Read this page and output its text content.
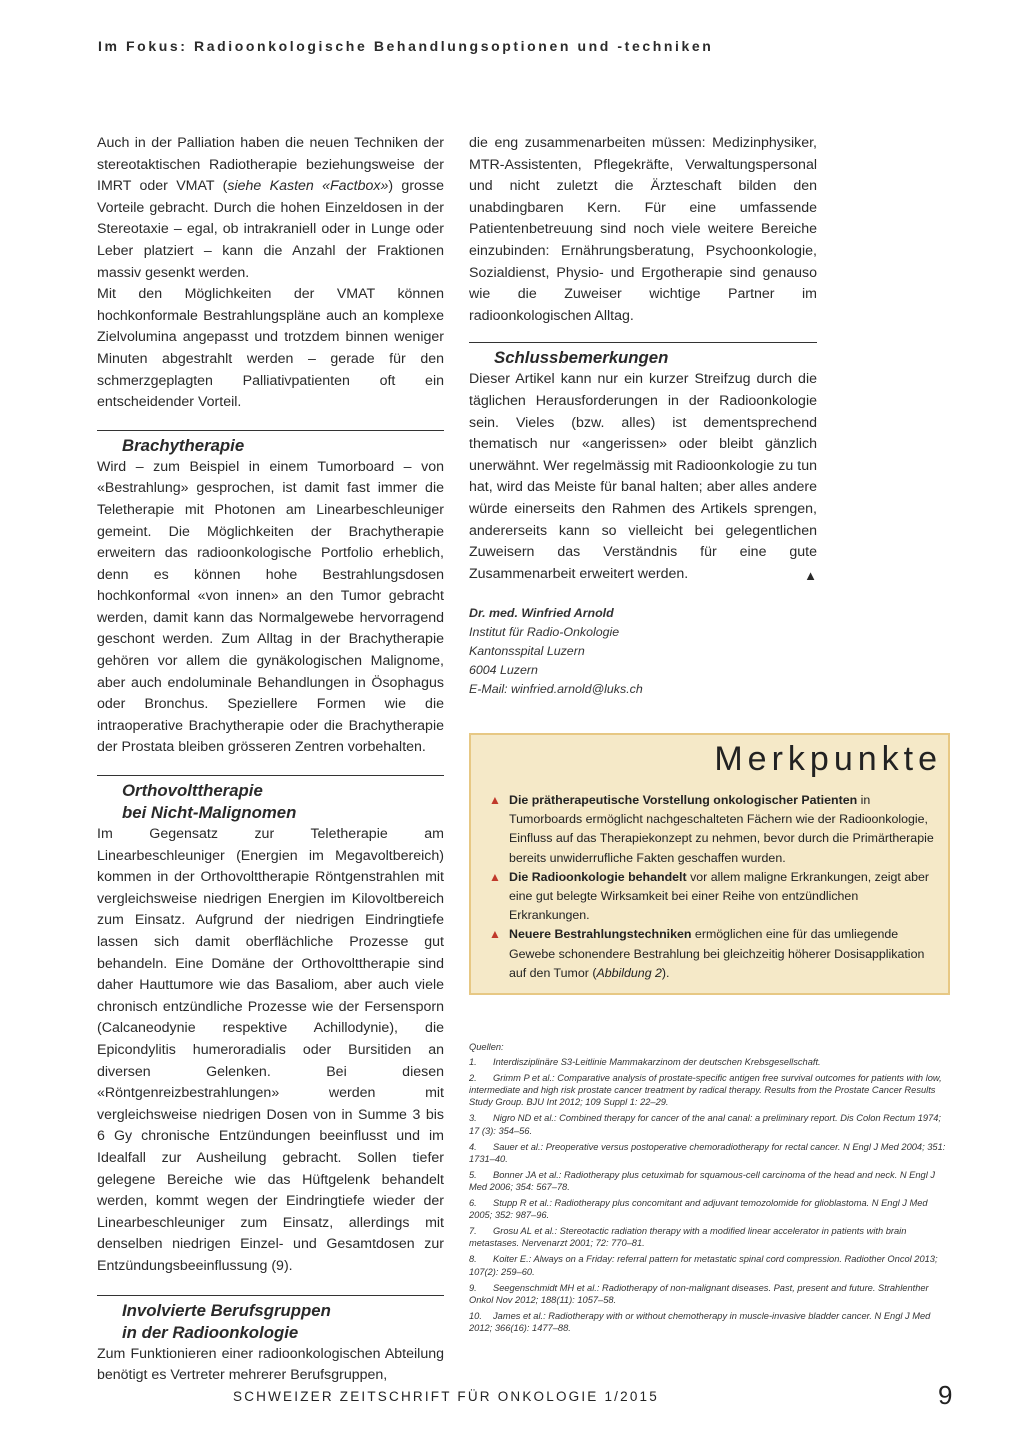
Im Fokus: Radioonkologische Behandlungsoptionen und -techniken

Auch in der Palliation haben die neuen Techniken der stereotaktischen Radiotherapie beziehungsweise der IMRT oder VMAT (siehe Kasten «Factbox») grosse Vorteile gebracht. Durch die hohen Einzeldosen in der Stereotaxie – egal, ob intrakraniell oder in Lunge oder Leber platziert – kann die Anzahl der Fraktionen massiv gesenkt werden.

Mit den Möglichkeiten der VMAT können hochkonformale Bestrahlungspläne auch an komplexe Zielvolumina angepasst und trotzdem binnen weniger Minuten abgestrahlt werden – gerade für den schmerzgeplagten Palliativpatienten oft ein entscheidender Vorteil.

Brachytherapie

Wird – zum Beispiel in einem Tumorboard – von «Bestrahlung» gesprochen, ist damit fast immer die Teletherapie mit Photonen am Linearbeschleuniger gemeint. Die Möglichkeiten der Brachytherapie erweitern das radioonkologische Portfolio erheblich, denn es können hohe Bestrahlungsdosen hochkonformal «von innen» an den Tumor gebracht werden, damit kann das Normalgewebe hervorragend geschont werden. Zum Alltag in der Brachytherapie gehören vor allem die gynäkologischen Malignome, aber auch endoluminale Behandlungen in Ösophagus oder Bronchus. Speziellere Formen wie die intraoperative Brachytherapie oder die Brachytherapie der Prostata bleiben grösseren Zentren vorbehalten.

Orthovolttherapie
bei Nicht-Malignomen

Im Gegensatz zur Teletherapie am Linearbeschleuniger (Energien im Megavoltbereich) kommen in der Orthovolttherapie Röntgenstrahlen mit vergleichsweise niedrigen Energien im Kilovoltbereich zum Einsatz. Aufgrund der niedrigen Eindringtiefe lassen sich damit oberflächliche Prozesse gut behandeln. Eine Domäne der Orthovolttherapie sind daher Hauttumore wie das Basaliom, aber auch viele chronisch entzündliche Prozesse wie der Fersensporn (Calcaneodynie respektive Achillodynie), die Epicondylitis humeroradialis oder Bursitiden an diversen Gelenken. Bei diesen «Röntgenreizbestrahlungen» werden mit vergleichsweise niedrigen Dosen von in Summe 3 bis 6 Gy chronische Entzündungen beeinflusst und im Idealfall zur Ausheilung gebracht. Sollen tiefer gelegene Bereiche wie das Hüftgelenk behandelt werden, kommt wegen der Eindringtiefe wieder der Linearbeschleuniger zum Einsatz, allerdings mit denselben niedrigen Einzel- und Gesamtdosen zur Entzündungsbeeinflussung (9).

Involvierte Berufsgruppen
in der Radioonkologie

Zum Funktionieren einer radioonkologischen Abteilung benötigt es Vertreter mehrerer Berufsgruppen,

die eng zusammenarbeiten müssen: Medizinphysiker, MTR-Assistenten, Pflegekräfte, Verwaltungspersonal und nicht zuletzt die Ärzteschaft bilden den unabdingbaren Kern. Für eine umfassende Patientenbetreuung sind noch viele weitere Bereiche einzubinden: Ernährungsberatung, Psychoonkologie, Sozialdienst, Physio- und Ergotherapie sind genauso wie die Zuweiser wichtige Partner im radioonkologischen Alltag.

Schlussbemerkungen

Dieser Artikel kann nur ein kurzer Streifzug durch die täglichen Herausforderungen in der Radioonkologie sein. Vieles (bzw. alles) ist dementsprechend thematisch nur «angerissen» oder bleibt gänzlich unerwähnt. Wer regelmässig mit Radioonkologie zu tun hat, wird das Meiste für banal halten; aber alles andere würde einerseits den Rahmen des Artikels sprengen, andererseits kann so vielleicht bei gelegentlichen Zuweisern das Verständnis für eine gute Zusammenarbeit erweitert werden.	▲

Dr. med. Winfried Arnold
Institut für Radio-Onkologie
Kantonsspital Luzern
6004 Luzern
E-Mail: winfried.arnold@luks.ch
Merkpunkte
▲ Die prätherapeutische Vorstellung onkologischer Patienten in Tumorboards ermöglicht nachgeschalteten Fächern wie der Radioonkologie, Einfluss auf das Therapiekonzept zu nehmen, bevor durch die Primärtherapie bereits unwiderrufliche Fakten geschaffen wurden.
▲ Die Radioonkologie behandelt vor allem maligne Erkrankungen, zeigt aber eine gut belegte Wirksamkeit bei einer Reihe von entzündlichen Erkrankungen.
▲ Neuere Bestrahlungstechniken ermöglichen eine für das umliegende Gewebe schonendere Bestrahlung bei gleichzeitig höherer Dosisapplikation auf den Tumor (Abbildung 2).
Quellen:
1. Interdisziplinäre S3-Leitlinie Mammakarzinom der deutschen Krebsgesellschaft.
2. Grimm P et al.: Comparative analysis of prostate-specific antigen free survival outcomes for patients with low, intermediate and high risk prostate cancer treatment by radical therapy. Results from the Prostate Cancer Results Study Group. BJU Int 2012; 109 Suppl 1: 22–29.
3. Nigro ND et al.: Combined therapy for cancer of the anal canal: a preliminary report. Dis Colon Rectum 1974; 17 (3): 354–56.
4. Sauer et al.: Preoperative versus postoperative chemoradiotherapy for rectal cancer. N Engl J Med 2004; 351: 1731–40.
5. Bonner JA et al.: Radiotherapy plus cetuximab for squamous-cell carcinoma of the head and neck. N Engl J Med 2006; 354: 567–78.
6. Stupp R et al.: Radiotherapy plus concomitant and adjuvant temozolomide for glioblastoma. N Engl J Med 2005; 352: 987–96.
7. Grosu AL et al.: Stereotactic radiation therapy with a modified linear accelerator in patients with brain metastases. Nervenarzt 2001; 72: 770–81.
8. Koiter E.: Always on a Friday: referral pattern for metastatic spinal cord compression. Radiother Oncol 2013; 107(2): 259–60.
9. Seegenschmidt MH et al.: Radiotherapy of non-malignant diseases. Past, present and future. Strahlenther Onkol Nov 2012; 188(11): 1057–58.
10. James et al.: Radiotherapy with or without chemotherapy in muscle-invasive bladder cancer. N Engl J Med 2012; 366(16): 1477–88.
SCHWEIZER ZEITSCHRIFT FÜR ONKOLOGIE 1/2015	9
